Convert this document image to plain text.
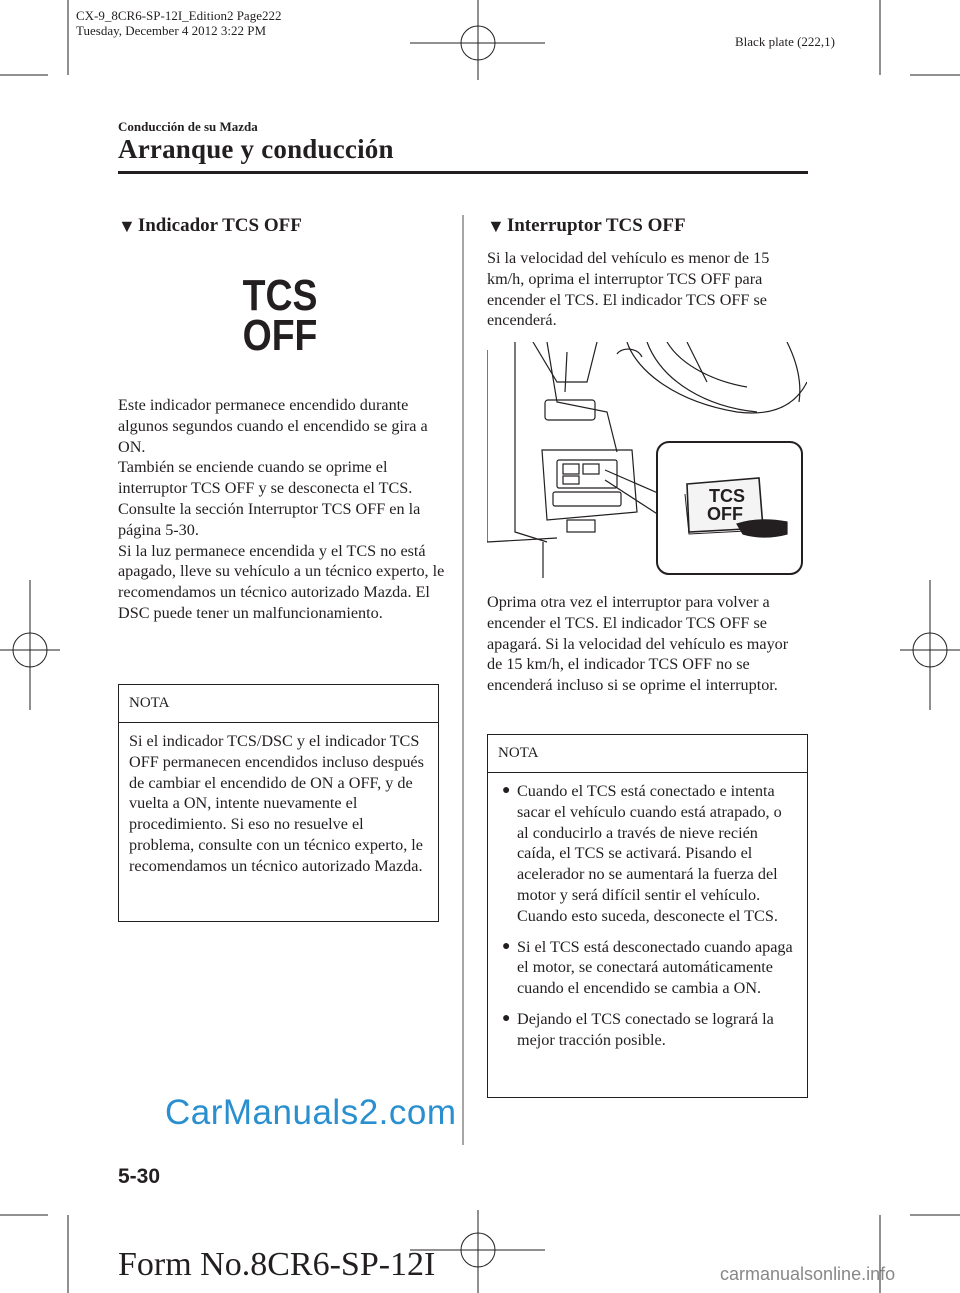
CX-9_8CR6-SP-12I_Edition2 Page222
Tuesday, December 4 2012 3:22 PM
Black plate (222,1)
Conducción de su Mazda
Arranque y conducción
▼ Indicador TCS OFF
TCS
OFF

Este indicador permanece encendido durante algunos segundos cuando el encendido se gira a ON.

También se enciende cuando se oprime el interruptor TCS OFF y se desconecta el TCS.

Consulte la sección Interruptor TCS OFF en la página 5-30.

Si la luz permanece encendida y el TCS no está apagado, lleve su vehículo a un técnico experto, le recomendamos un técnico autorizado Mazda. El DSC puede tener un malfuncionamiento.

NOTA

Si el indicador TCS/DSC y el indicador TCS OFF permanecen encendidos incluso después de cambiar el encendido de ON a OFF, y de vuelta a ON, intente nuevamente el procedimiento. Si eso no resuelve el problema, consulte con un técnico experto, le recomendamos un técnico autorizado Mazda.

▼ Interruptor TCS OFF

Si la velocidad del vehículo es menor de 15 km/h, oprima el interruptor TCS OFF para encender el TCS. El indicador TCS OFF se encenderá.

TCS
OFF

Oprima otra vez el interruptor para volver a encender el TCS. El indicador TCS OFF se apagará. Si la velocidad del vehículo es mayor de 15 km/h, el indicador TCS OFF no se encenderá incluso si se oprime el interruptor.

NOTA
● Cuando el TCS está conectado e intenta sacar el vehículo cuando está atrapado, o al conducirlo a través de nieve recién caída, el TCS se activará. Pisando el acelerador no se aumentará la fuerza del motor y será difícil sentir el vehículo. Cuando esto suceda, desconecte el TCS.
● Si el TCS está desconectado cuando apaga el motor, se conectará automáticamente cuando el encendido se cambia a ON.
● Dejando el TCS conectado se logrará la mejor tracción posible.
CarManuals2.com
5-30
Form No.8CR6-SP-12I	carmanualsonline.info
